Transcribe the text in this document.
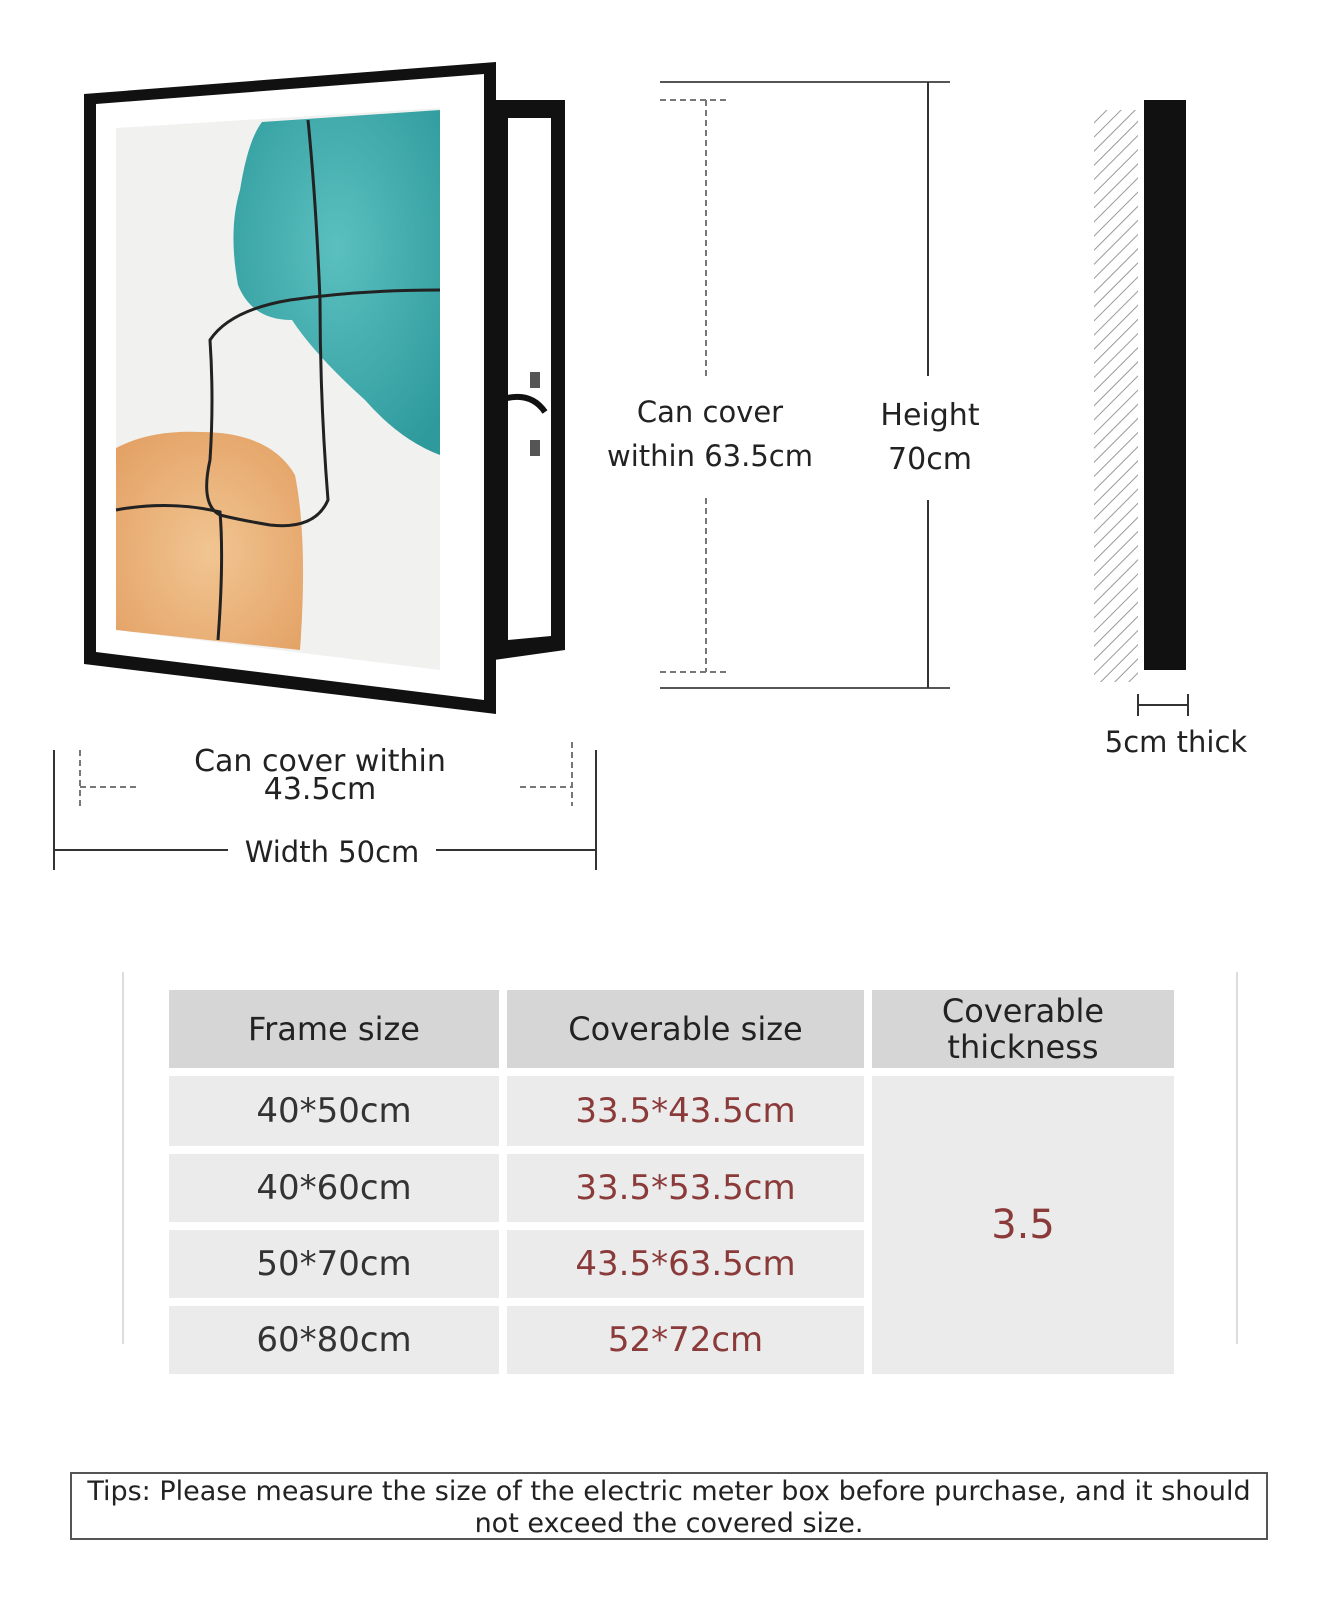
Can cover
within 63.5cm
Height
70cm
5cm thick
Can cover within
43.5cm
Width 50cm
Frame size	Coverable size	Coverable thickness
40*50cm	33.5*43.5cm
40*60cm	33.5*53.5cm
50*70cm	43.5*63.5cm
60*80cm	52*72cm
3.5
Tips: Please measure the size of the electric meter box before purchase, and it should not exceed the covered size.
